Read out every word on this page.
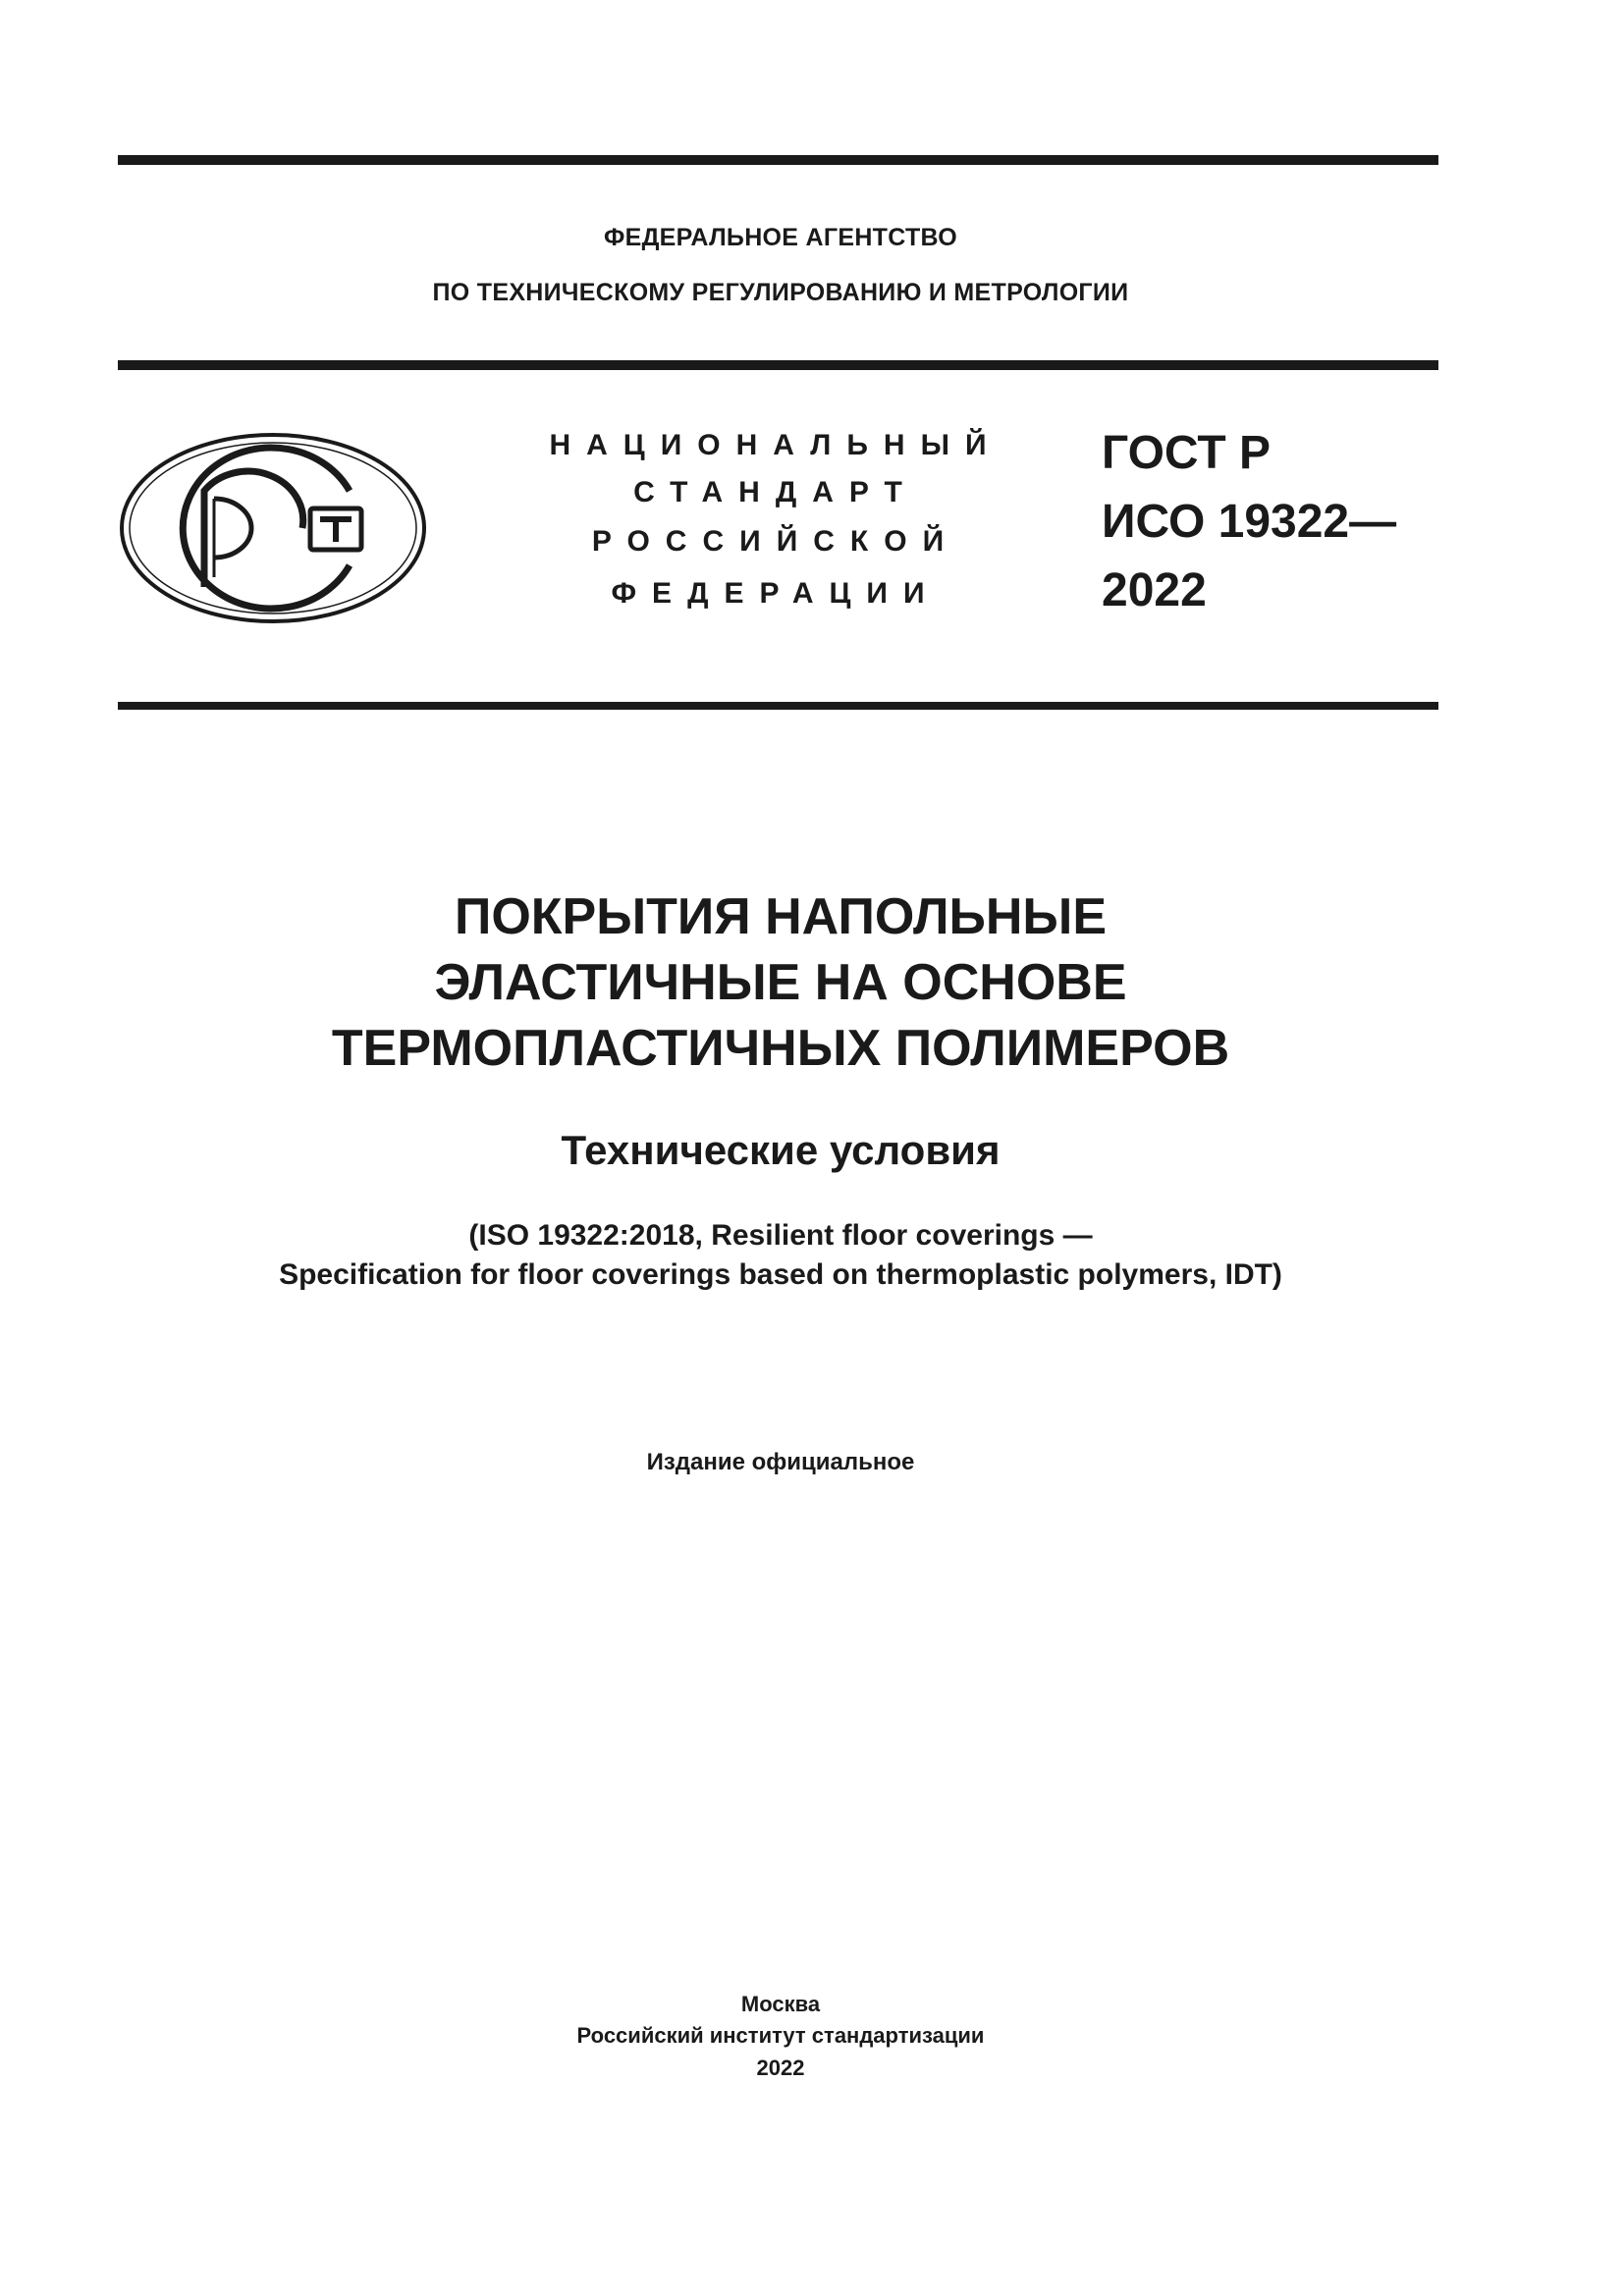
ФЕДЕРАЛЬНОЕ АГЕНТСТВО
ПО ТЕХНИЧЕСКОМУ РЕГУЛИРОВАНИЮ И МЕТРОЛОГИИ
НАЦИОНАЛЬНЫЙ
СТАНДАРТ
РОССИЙСКОЙ
ФЕДЕРАЦИИ
ГОСТ Р
ИСО 19322—
2022
ПОКРЫТИЯ НАПОЛЬНЫЕ
ЭЛАСТИЧНЫЕ НА ОСНОВЕ
ТЕРМОПЛАСТИЧНЫХ ПОЛИМЕРОВ
Технические условия
(ISO 19322:2018, Resilient floor coverings —
Specification for floor coverings based on thermoplastic polymers, IDT)
Издание официальное
Москва
Российский институт стандартизации
2022
